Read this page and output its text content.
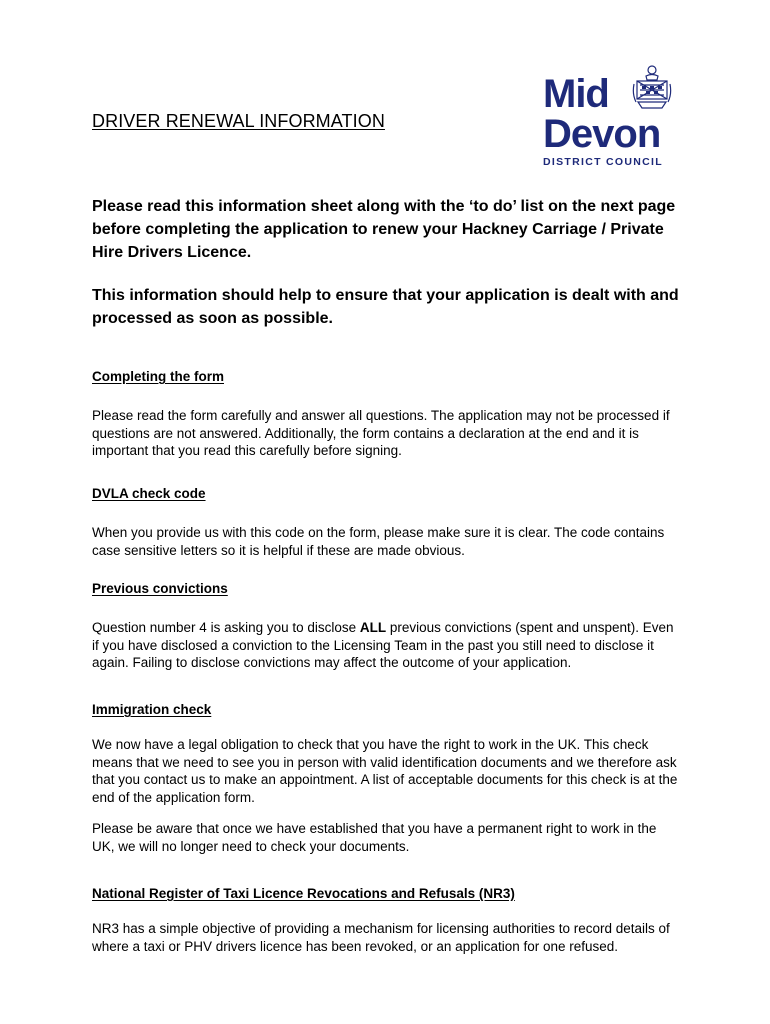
DRIVER RENEWAL INFORMATION
Mid
Devon
DISTRICT COUNCIL

Please read this information sheet along with the ‘to do’ list on the next page before completing the application to renew your Hackney Carriage / Private Hire Drivers Licence.

This information should help to ensure that your application is dealt with and processed as soon as possible.

Completing the form

Please read the form carefully and answer all questions. The application may not be processed if questions are not answered. Additionally, the form contains a declaration at the end and it is important that you read this carefully before signing.

DVLA check code

When you provide us with this code on the form, please make sure it is clear. The code contains case sensitive letters so it is helpful if these are made obvious.

Previous convictions

Question number 4 is asking you to disclose ALL previous convictions (spent and unspent). Even if you have disclosed a conviction to the Licensing Team in the past you still need to disclose it again. Failing to disclose convictions may affect the outcome of your application.

Immigration check

We now have a legal obligation to check that you have the right to work in the UK. This check means that we need to see you in person with valid identification documents and we therefore ask that you contact us to make an appointment. A list of acceptable documents for this check is at the end of the application form.

Please be aware that once we have established that you have a permanent right to work in the UK, we will no longer need to check your documents.

National Register of Taxi Licence Revocations and Refusals (NR3)

NR3 has a simple objective of providing a mechanism for licensing authorities to record details of where a taxi or PHV drivers licence has been revoked, or an application for one refused.
